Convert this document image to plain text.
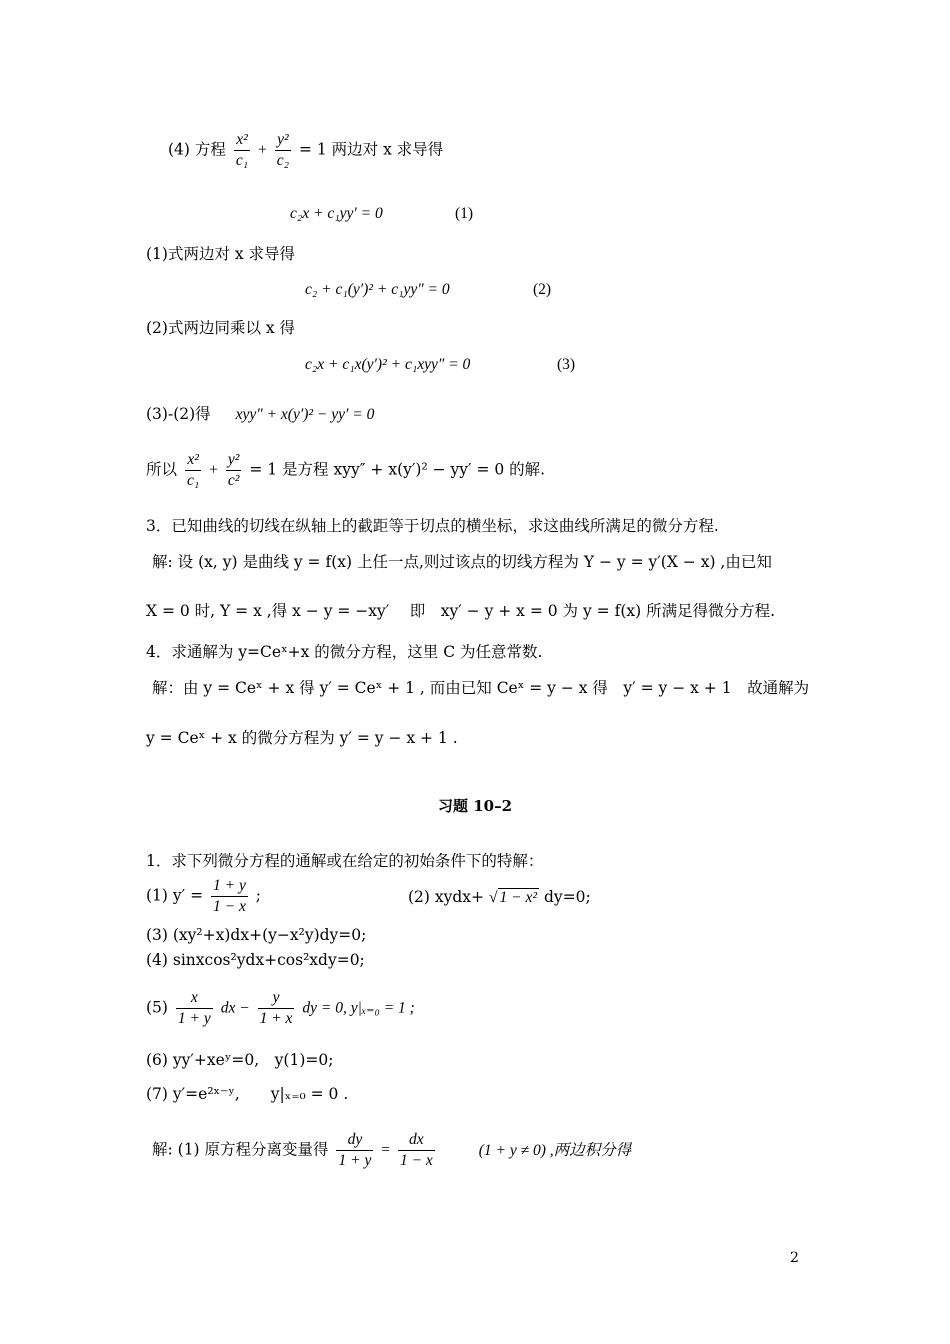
(4) 方程 $\frac{\text{x²}}{\text{c₁}} + \frac{\text{y²}}{\text{c₂}} = 1$ 两边对 x 求导得
c₂x + c₁yy′ = 0	(1)
(1)式两边对 x 求导得
c₂ + c₁(y′)² + c₁yy″ = 0	(2)
(2)式两边同乘以 x 得
c₂x + c₁x(y′)² + c₁xyy″ = 0	(3)
(3)-(2)得 xyy″ + x(y′)² − yy′ = 0
所以 $\frac{\text{x²}}{\text{c₁}} + \frac{\text{y²}}{\text{c²}} = 1$ 是方程 xyy″ + x(y′)² − yy′ = 0 的解.
3．已知曲线的切线在纵轴上的截距等于切点的横坐标，求这曲线所满足的微分方程.
解: 设 (x, y) 是曲线 y = f(x) 上任一点,则过该点的切线方程为 Y − y = y′(X − x) ,由已知
X = 0 时, Y = x ,得 x − y = −xy′　 即　xy′ − y + x = 0 为 y = f(x) 所满足得微分方程.
4．求通解为 y=Ceˣ+x 的微分方程，这里 C 为任意常数.
解：由 y = Ceˣ + x 得 y′ = Ceˣ + 1 , 而由已知 Ceˣ = y − x 得　y′ = y − x + 1　故通解为
y = Ceˣ + x 的微分方程为 y′ = y − x + 1 .
习题 10–2
1．求下列微分方程的通解或在给定的初始条件下的特解：
(1) $y' = \frac{1 + y}{1 - x}$ ;	(2) xydx+ √ 1 − x² dy=0;
(3) (xy²+x)dx+(y−x²y)dy=0;
(4) sinxcos²ydx+cos²xdy=0;
$(5) \frac{x}{1 + y}$ dx − $\frac{y}{1 + x}$ dy = 0, y|ₓ₌₀ = 1 ;
(6) yy′+xeʸ=0,　y(1)=0;
(7) y′=e²ˣ⁻ʸ,　　y|ₓ₌₀ = 0 .
解: (1) 原方程分离变量得 $\frac{dy}{1 + y} = \frac{dx}{1 - x}$	(1 + y ≠ 0) ,两边积分得
2
